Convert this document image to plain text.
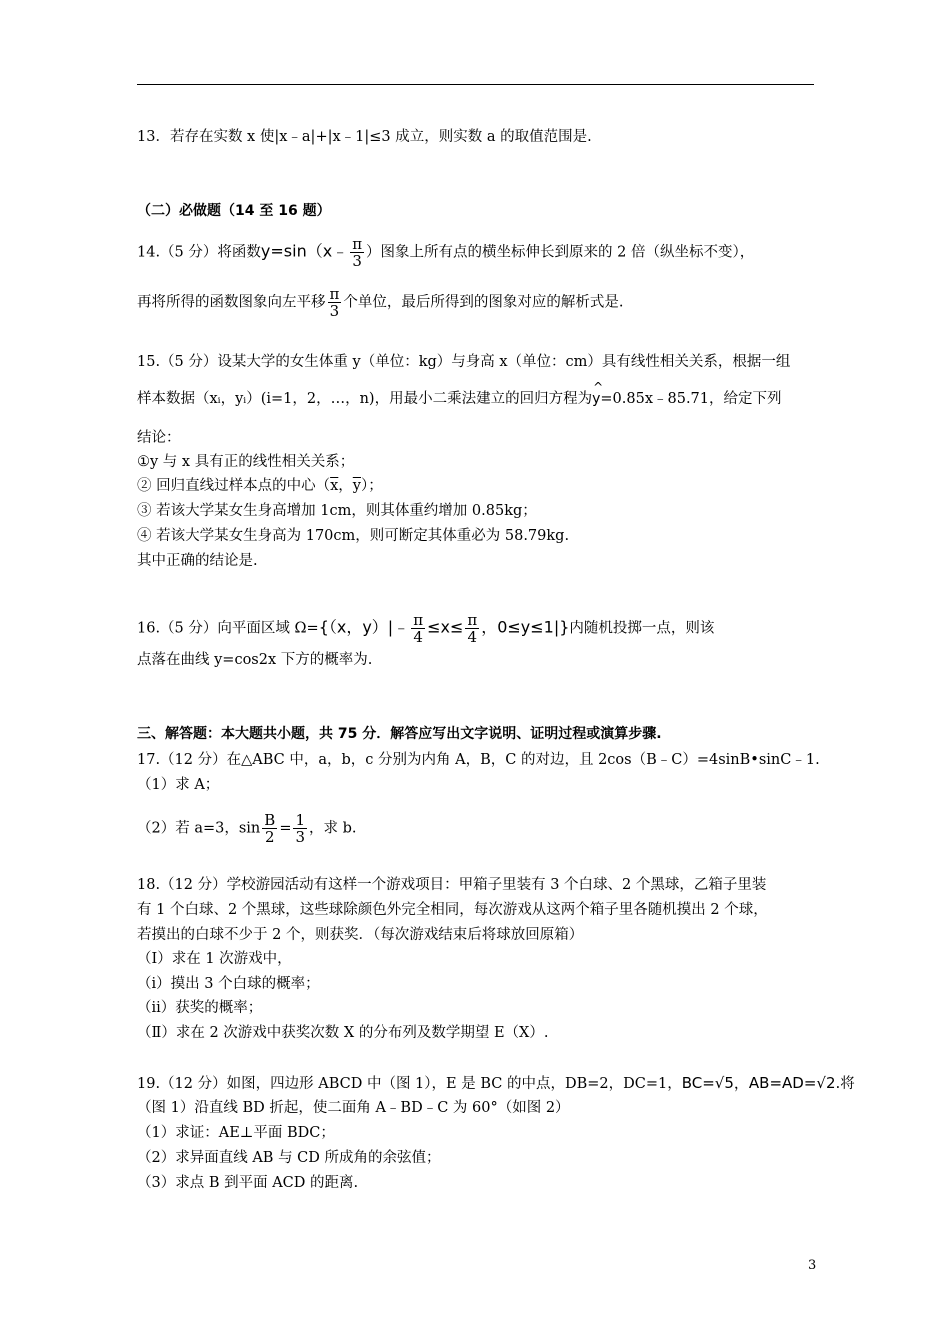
13．若存在实数 x 使|x﹣a|+|x﹣1|≤3 成立，则实数 a 的取值范围是.
（二）必做题（14 至 16 题）
14.（5 分）将函数y=sin（x﹣ $\frac{\pi}{3}$ ）图象上所有点的横坐标伸长到原来的 2 倍（纵坐标不变），
再将所得的函数图象向左平移 $\frac{\pi}{3}$ 个单位，最后所得到的图象对应的解析式是.
15.（5 分）设某大学的女生体重 y（单位：kg）与身高 x（单位：cm）具有线性相关关系，根据一组
样本数据（xᵢ，yᵢ）(i=1，2，…，n)，用最小二乘法建立的回归方程为^ y=0.85x﹣85.71，给定下列
结论：
①y 与 x 具有正的线性相关关系；
② 回归直线过样本点的中心（$\overline{x}$，$\overline{y}$）；
③ 若该大学某女生身高增加 1cm，则其体重约增加 0.85kg；
④ 若该大学某女生身高为 170cm，则可断定其体重必为 58.79kg.
其中正确的结论是.
16.（5 分）向平面区域 Ω={（x，y）|﹣ $\frac{\pi}{4} \le x\le \frac{\pi}{4}$ ，0≤y≤1|}内随机投掷一点，则该
点落在曲线 y=cos2x 下方的概率为.
三、解答题：本大题共小题，共 75 分．解答应写出文字说明、证明过程或演算步骤.
17.（12 分）在△ABC 中，a，b，c 分别为内角 A，B，C 的对边，且 2cos（B﹣C）=4sinB•sinC﹣1.
（1）求 A；
（2）若 a=3，$\sin \frac{B}{2} = \frac{1}{3}$ ，求 b.
18.（12 分）学校游园活动有这样一个游戏项目：甲箱子里装有 3 个白球、2 个黑球，乙箱子里装
有 1 个白球、2 个黑球，这些球除颜色外完全相同，每次游戏从这两个箱子里各随机摸出 2 个球，
若摸出的白球不少于 2 个，则获奖．（每次游戏结束后将球放回原箱）
（Ⅰ）求在 1 次游戏中，
（i）摸出 3 个白球的概率；
（ii）获奖的概率；
（Ⅱ）求在 2 次游戏中获奖次数 X 的分布列及数学期望 E（X）.
19.（12 分）如图，四边形 ABCD 中（图 1），E 是 BC 的中点，DB=2，DC=1，BC=√5，AB=AD=√2.将
（图 1）沿直线 BD 折起，使二面角 A﹣BD﹣C 为 60°（如图 2）
（1）求证：AE⊥平面 BDC；
（2）求异面直线 AB 与 CD 所成角的余弦值；
（3）求点 B 到平面 ACD 的距离.
3
